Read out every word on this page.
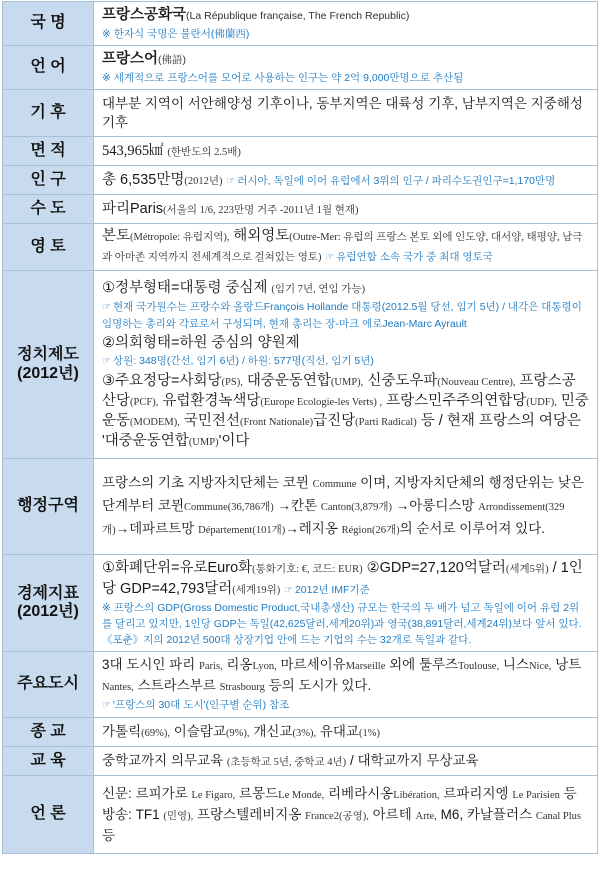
국 명	프랑스공화국(La République française, The French Republic)
※ 한자식 국명은 불란서(佛蘭西)

언 어	프랑스어(佛語)
※ 세계적으로 프랑스어를 모어로 사용하는 인구는 약 2억 9,000만명으로 추산됨

기 후	대부분 지역이 서안해양성 기후이나, 동부지역은 대륙성 기후, 남부지역은 지중해성 기후
면 적	543,965㎢ (한반도의 2.5배)
인 구	총 6,535만명(2012년) ☞ 러시아, 독일에 이어 유럽에서 3위의 인구 / 파리수도권인구=1,170만명
수 도	파리Paris(서울의 1/6, 223만명 거주 -2011년 1월 현재)
영 토	본토(Métropole: 유럽지역), 해외영토(Outre-Mer: 유럽의 프랑스 본토 외에 인도양, 대서양, 태평양, 남극과 아마존 지역까지 전세계적으로 걸쳐있는 영토) ☞ 유럽연합 소속 국가 중 최대 영토국

정치제도
(2012년)	①정부형태=대통령 중심제 (임기 7년, 연임 가능)
☞ 현재 국가원수는 프랑수와 올랑드François Hollande 대통령(2012.5월 당선, 임기 5년) / 내각은 대통령이 임명하는 총리와 각료로서 구성되며, 현재 총리는 장-마크 에로Jean-Marc Ayrault
②의회형태=하원 중심의 양원제
☞ 상원: 348명(간선, 임기 6년) / 하원: 577명(직선, 임기 5년)
③주요정당=사회당(PS), 대중운동연합(UMP), 신중도우파(Nouveau Centre), 프랑스공산당(PCF), 유럽환경녹색당(Europe Ecologie-les Verts) , 프랑스민주주의연합당(UDF), 민중운동(MODEM), 국민전선(Front Nationale)급진당(Parti Radical) 등 / 현재 프랑스의 여당은 '대중운동연합(UMP)'이다

행정구역	프랑스의 기초 지방자치단체는 코뮌 Commune 이며, 지방자치단체의 행정단위는 낮은 단계부터 코뮌Commune(36,786개) →칸톤 Canton(3,879개) →아롱디스망 Arrondissement(329개)→데파르트망 Département(101개)→레지옹 Région(26개)의 순서로 이루어져 있다.

경제지표
(2012년)	①화폐단위=유로Euro화(통화기호: €, 코드: EUR) ②GDP=27,120억달러(세계5위) / 1인당 GDP=42,793달러(세계19위) ☞ 2012년 IMF기준
※ 프랑스의 GDP(Gross Domestic Product,국내총생산) 규모는 한국의 두 배가 넘고 독일에 이어 유럽 2위를 달리고 있지만, 1인당 GDP는 독일(42,625달러,세계20위)과 영국(38,891달러,세계24위)보다 앞서 있다. 《포춘》지의 2012년 500대 상장기업 안에 드는 기업의 수는 32개로 독일과 같다.

주요도시	3대 도시인 파리 Paris, 리옹Lyon, 마르세이유Marseille 외에 툴루즈Toulouse, 니스Nice, 낭트Nantes, 스트라스부르 Strasbourg 등의 도시가 있다.
☞ '프랑스의 30대 도시'(인구별 순위) 참조

종 교	가톨릭(69%), 이슬람교(9%), 개신교(3%), 유대교(1%)
교 육	중학교까지 의무교육 (초등학교 5년, 중학교 4년) / 대학교까지 무상교육
언 론	신문: 르피가로 Le Figaro, 르몽드Le Monde, 리베라시옹Libération, 르파리지엥 Le Parisien 등
방송: TF1 (민영), 프랑스텔레비지옹 France2(공영), 아르테 Arte, M6, 카날플러스 Canal Plus 등
